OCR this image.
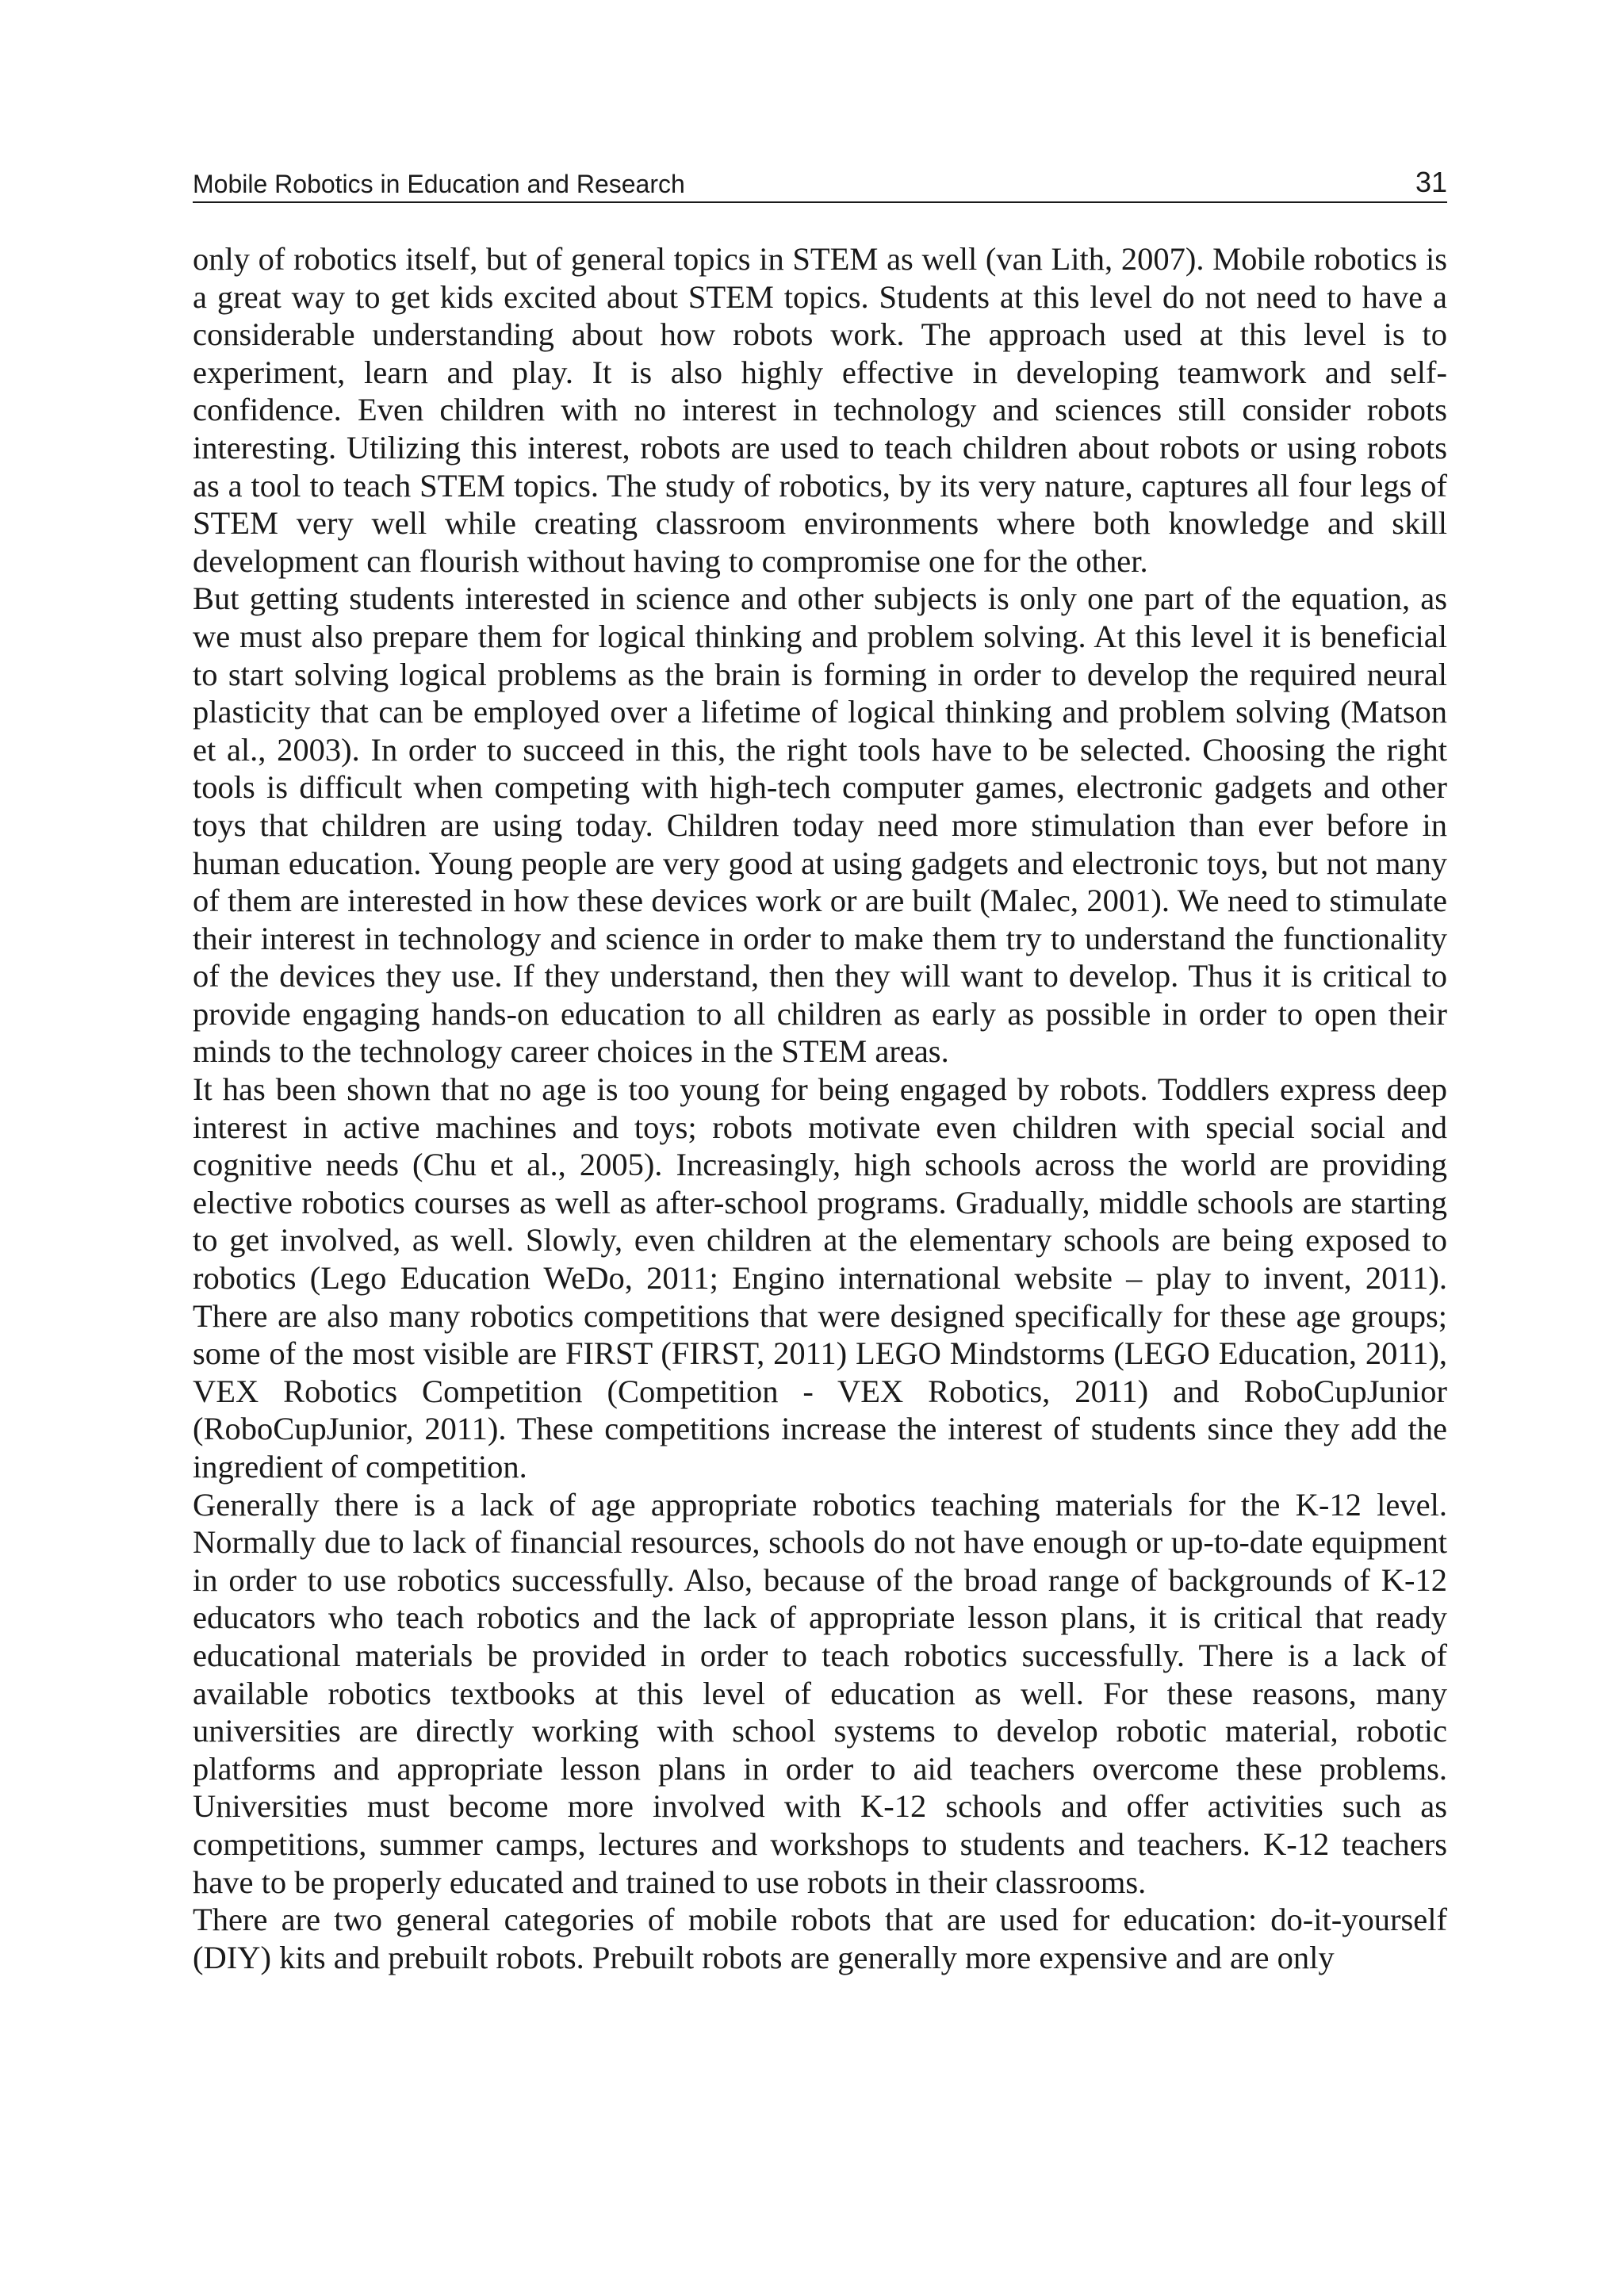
Mobile Robotics in Education and Research	31

only of robotics itself, but of general topics in STEM as well (van Lith, 2007). Mobile robotics is a great way to get kids excited about STEM topics. Students at this level do not need to have a considerable understanding about how robots work. The approach used at this level is to experiment, learn and play. It is also highly effective in developing teamwork and self-confidence. Even children with no interest in technology and sciences still consider robots interesting. Utilizing this interest, robots are used to teach children about robots or using robots as a tool to teach STEM topics. The study of robotics, by its very nature, captures all four legs of STEM very well while creating classroom environments where both knowledge and skill development can flourish without having to compromise one for the other.

But getting students interested in science and other subjects is only one part of the equation, as we must also prepare them for logical thinking and problem solving. At this level it is beneficial to start solving logical problems as the brain is forming in order to develop the required neural plasticity that can be employed over a lifetime of logical thinking and problem solving (Matson et al., 2003). In order to succeed in this, the right tools have to be selected. Choosing the right tools is difficult when competing with high-tech computer games, electronic gadgets and other toys that children are using today. Children today need more stimulation than ever before in human education. Young people are very good at using gadgets and electronic toys, but not many of them are interested in how these devices work or are built (Malec, 2001). We need to stimulate their interest in technology and science in order to make them try to understand the functionality of the devices they use. If they understand, then they will want to develop. Thus it is critical to provide engaging hands-on education to all children as early as possible in order to open their minds to the technology career choices in the STEM areas.

It has been shown that no age is too young for being engaged by robots. Toddlers express deep interest in active machines and toys; robots motivate even children with special social and cognitive needs (Chu et al., 2005). Increasingly, high schools across the world are providing elective robotics courses as well as after-school programs. Gradually, middle schools are starting to get involved, as well. Slowly, even children at the elementary schools are being exposed to robotics (Lego Education WeDo, 2011; Engino international website – play to invent, 2011). There are also many robotics competitions that were designed specifically for these age groups; some of the most visible are FIRST (FIRST, 2011) LEGO Mindstorms (LEGO Education, 2011), VEX Robotics Competition (Competition - VEX Robotics, 2011) and RoboCupJunior (RoboCupJunior, 2011). These competitions increase the interest of students since they add the ingredient of competition.

Generally there is a lack of age appropriate robotics teaching materials for the K-12 level. Normally due to lack of financial resources, schools do not have enough or up-to-date equipment in order to use robotics successfully. Also, because of the broad range of backgrounds of K-12 educators who teach robotics and the lack of appropriate lesson plans, it is critical that ready educational materials be provided in order to teach robotics successfully. There is a lack of available robotics textbooks at this level of education as well. For these reasons, many universities are directly working with school systems to develop robotic material, robotic platforms and appropriate lesson plans in order to aid teachers overcome these problems. Universities must become more involved with K-12 schools and offer activities such as competitions, summer camps, lectures and workshops to students and teachers. K-12 teachers have to be properly educated and trained to use robots in their classrooms.

There are two general categories of mobile robots that are used for education: do-it-yourself (DIY) kits and prebuilt robots. Prebuilt robots are generally more expensive and are only
